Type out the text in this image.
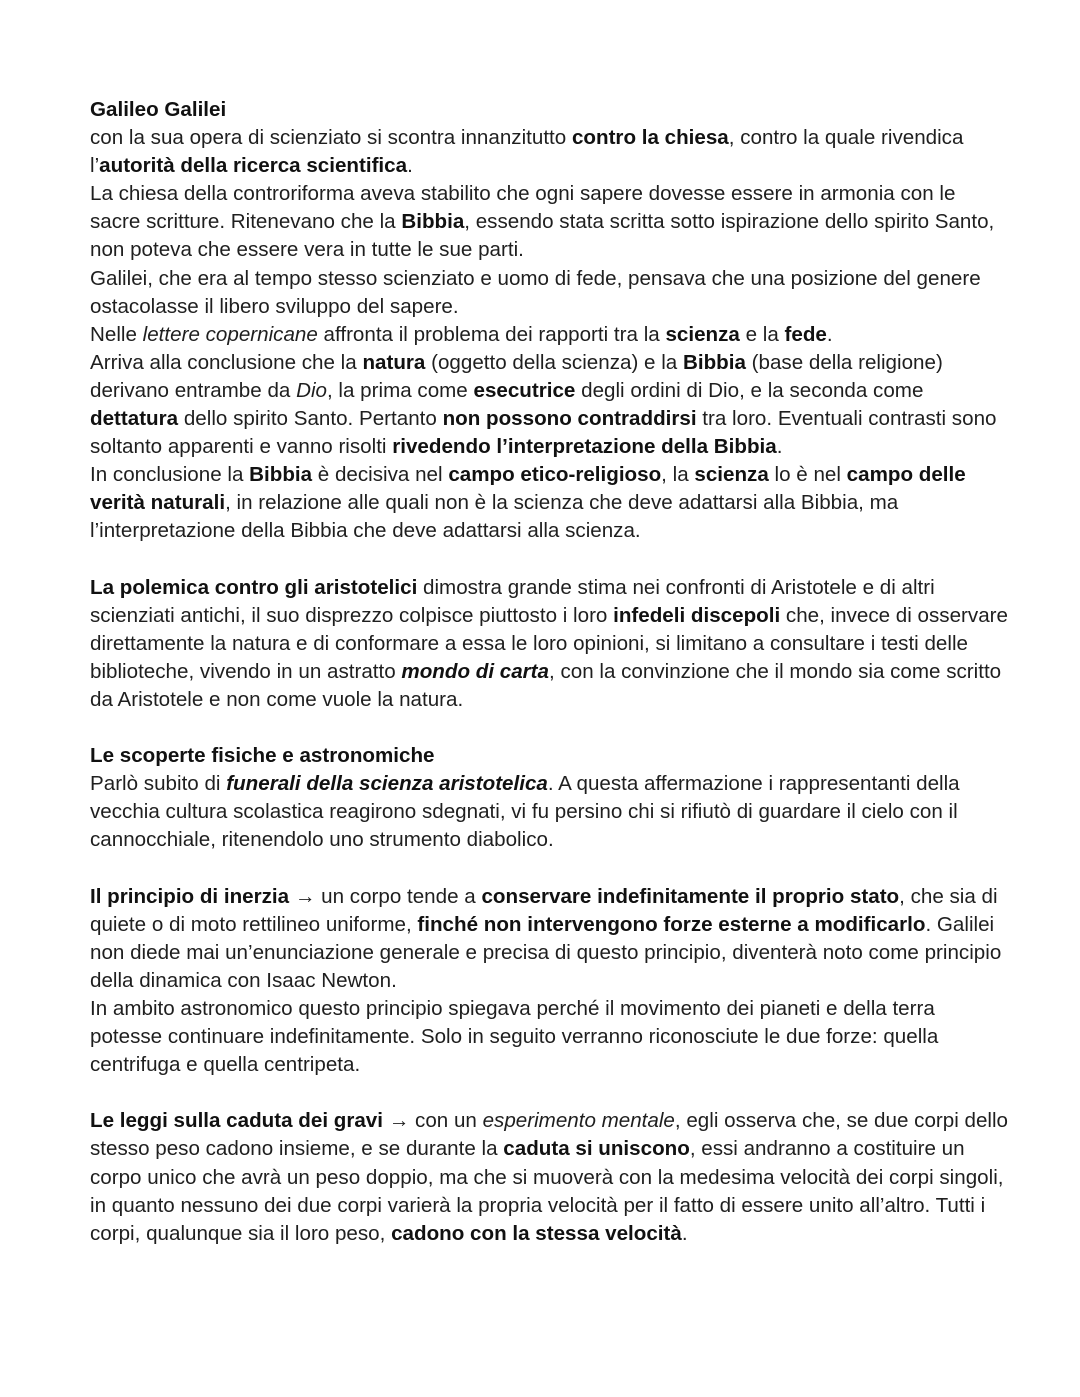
Galileo Galilei

con la sua opera di scienziato si scontra innanzitutto contro la chiesa, contro la quale rivendica l’autorità della ricerca scientifica.

La chiesa della controriforma aveva stabilito che ogni sapere dovesse essere in armonia con le sacre scritture. Ritenevano che la Bibbia, essendo stata scritta sotto ispirazione dello spirito Santo, non poteva che essere vera in tutte le sue parti.

Galilei, che era al tempo stesso scienziato e uomo di fede, pensava che una posizione del genere ostacolasse il libero sviluppo del sapere.

Nelle lettere copernicane affronta il problema dei rapporti tra la scienza e la fede.

Arriva alla conclusione che la natura (oggetto della scienza) e la Bibbia (base della religione) derivano entrambe da Dio, la prima come esecutrice degli ordini di Dio, e la seconda come dettatura dello spirito Santo. Pertanto non possono contraddirsi tra loro. Eventuali contrasti sono soltanto apparenti e vanno risolti rivedendo l’interpretazione della Bibbia.

In conclusione la Bibbia è decisiva nel campo etico-religioso, la scienza lo è nel campo delle verità naturali, in relazione alle quali non è la scienza che deve adattarsi alla Bibbia, ma l’interpretazione della Bibbia che deve adattarsi alla scienza.

La polemica contro gli aristotelici dimostra grande stima nei confronti di Aristotele e di altri scienziati antichi, il suo disprezzo colpisce piuttosto i loro infedeli discepoli che, invece di osservare direttamente la natura e di conformare a essa le loro opinioni, si limitano a consultare i testi delle biblioteche, vivendo in un astratto mondo di carta, con la convinzione che il mondo sia come scritto da Aristotele e non come vuole la natura.

Le scoperte fisiche e astronomiche

Parlò subito di funerali della scienza aristotelica. A questa affermazione i rappresentanti della vecchia cultura scolastica reagirono sdegnati, vi fu persino chi si rifiutò di guardare il cielo con il cannocchiale, ritenendolo uno strumento diabolico.

Il principio di inerzia → un corpo tende a conservare indefinitamente il proprio stato, che sia di quiete o di moto rettilineo uniforme, finché non intervengono forze esterne a modificarlo. Galilei non diede mai un’enunciazione generale e precisa di questo principio, diventerà noto come principio della dinamica con Isaac Newton.

In ambito astronomico questo principio spiegava perché il movimento dei pianeti e della terra potesse continuare indefinitamente. Solo in seguito verranno riconosciute le due forze: quella centrifuga e quella centripeta.

Le leggi sulla caduta dei gravi → con un esperimento mentale, egli osserva che, se due corpi dello stesso peso cadono insieme, e se durante la caduta si uniscono, essi andranno a costituire un corpo unico che avrà un peso doppio, ma che si muoverà con la medesima velocità dei corpi singoli, in quanto nessuno dei due corpi varierà la propria velocità per il fatto di essere unito all’altro. Tutti i corpi, qualunque sia il loro peso, cadono con la stessa velocità.
